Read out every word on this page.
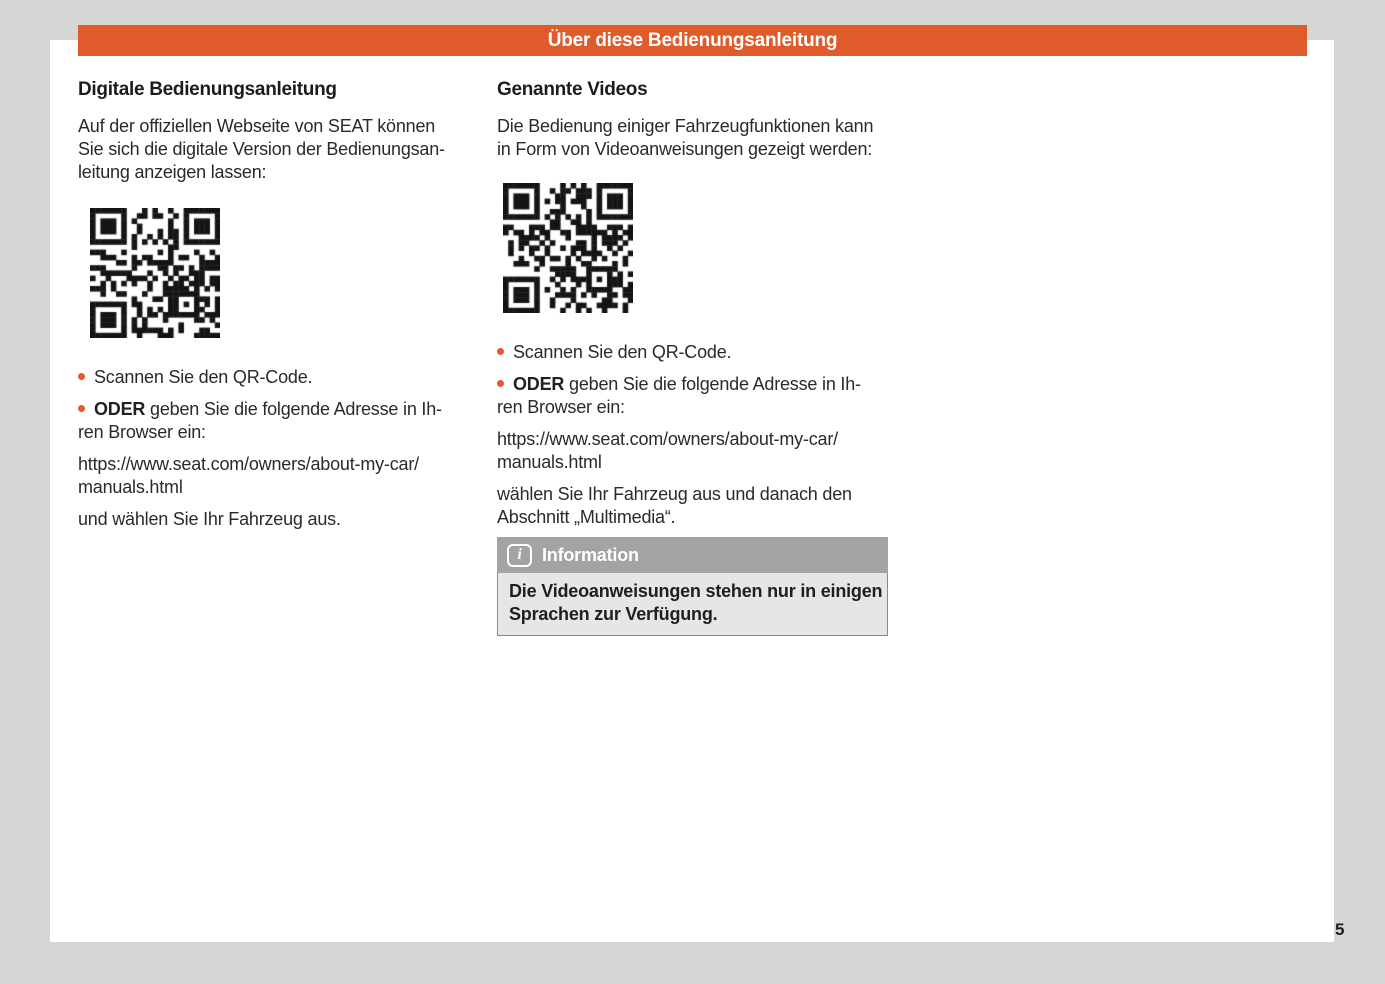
Über diese Bedienungsanleitung
Digitale Bedienungsanleitung

Auf der offiziellen Webseite von SEAT können
Sie sich die digitale Version der Bedienungsan-
leitung anzeigen lassen:

Scannen Sie den QR-Code.

ODER geben Sie die folgende Adresse in Ih-
ren Browser ein:

https://www.seat.com/owners/about-my-car/
manuals.html

und wählen Sie Ihr Fahrzeug aus.

Genannte Videos

Die Bedienung einiger Fahrzeugfunktionen kann
in Form von Videoanweisungen gezeigt werden:

Scannen Sie den QR-Code.

ODER geben Sie die folgende Adresse in Ih-
ren Browser ein:

https://www.seat.com/owners/about-my-car/
manuals.html

wählen Sie Ihr Fahrzeug aus und danach den
Abschnitt „Multimedia“.

i	Information
Die Videoanweisungen stehen nur in einigen
Sprachen zur Verfügung.
5
